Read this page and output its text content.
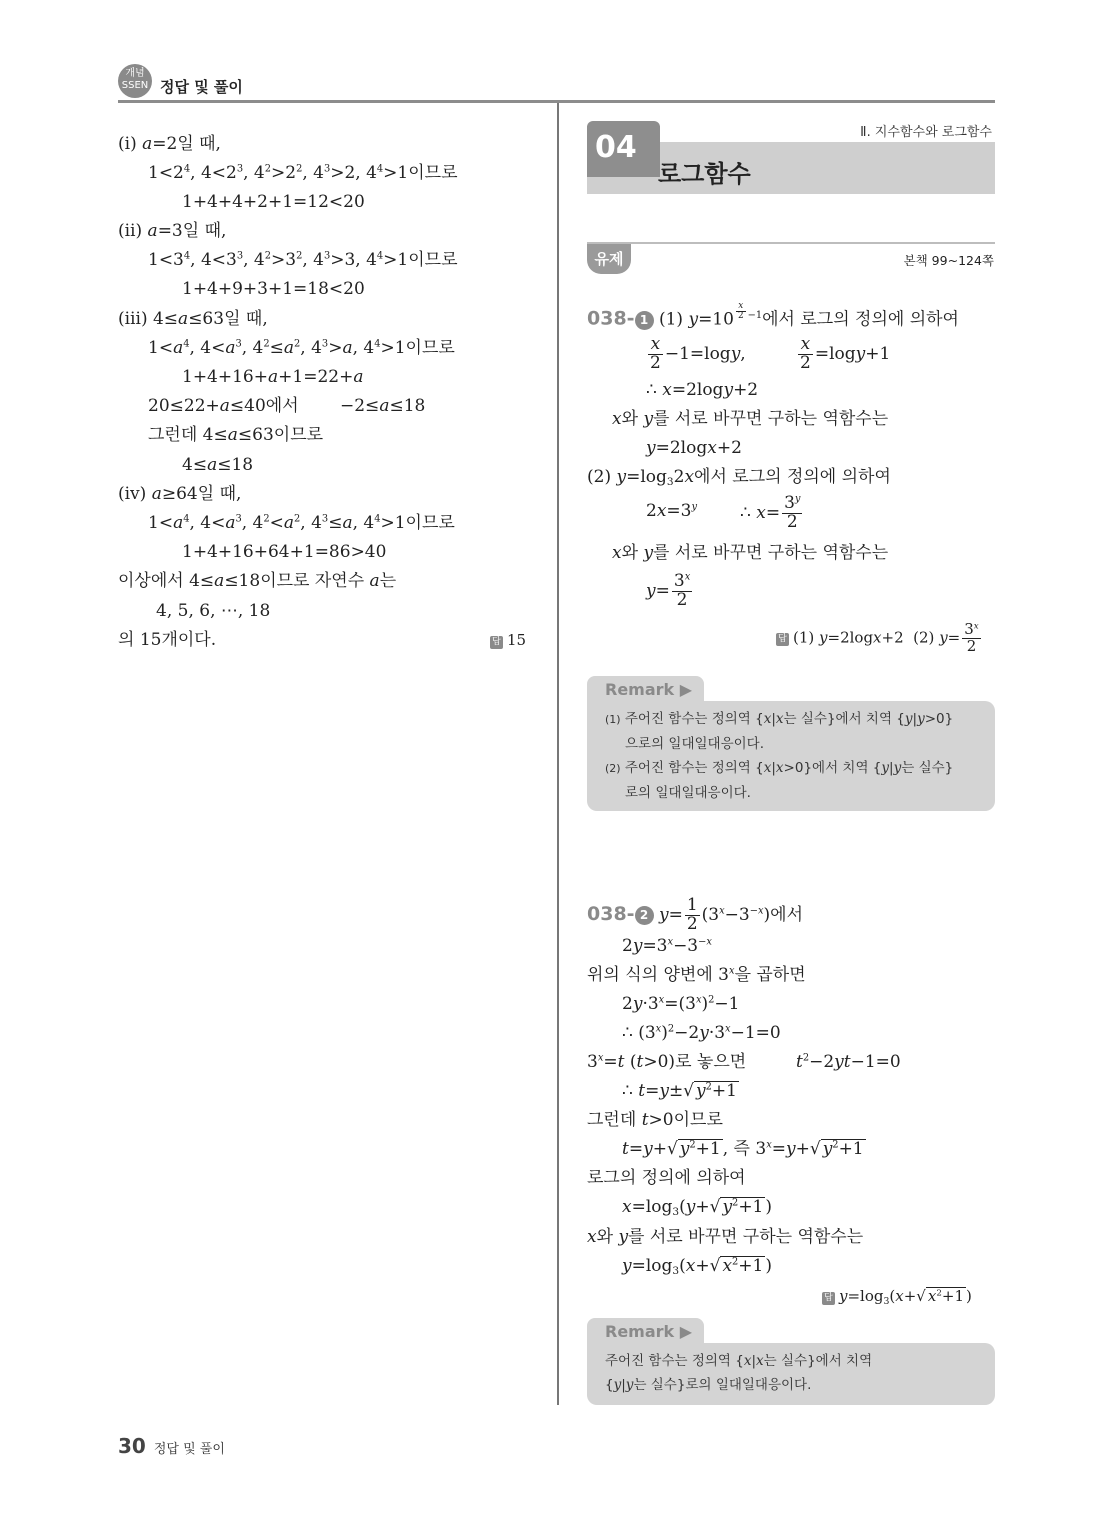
개념
SSEN 정답 및 풀이
(ⅰ) a=2일 때,
$1<2^4$, $4<2^3$, $4^2>2^2$, $4^3>2$, $4^4>1$이므로
1+4+4+2+1=12<20
(ⅱ) a=3일 때,
$1<3^4$, $4<3^3$, $4^2>3^2$, $4^3>3$, $4^4>1$이므로
1+4+9+3+1=18<20
(ⅲ) 4≤a≤63일 때,
$1<a^4$, $4<a^3$, $4^2\le a^2$, $4^3>a$, $4^4>1$이므로
1+4+16+a+1=22+a
20≤22+a≤40에서 −2≤a≤18
그런데 4≤a≤63이므로
4≤a≤18
(ⅳ) a≥64일 때,
$1<a^4$, $4<a^3$, $4^2<a^2$, $4^3\le a$, $4^4>1$이므로
1+4+16+64+1=86>40
이상에서 4≤a≤18이므로 자연수 a는
4, 5, 6, ⋯, 18
의 15개이다.	답 15
Ⅱ. 지수함수와 로그함수
04
로그함수
유제	본책 99~124쪽
038- 1 (1) y=10 $^{\frac{x}{2} -1}$에서 로그의 정의에 의하여
$\frac{x}{2} -1=\log y$,	$\frac{x}{2} =\log y+1$
∴ x=2logy+2
x와 y를 서로 바꾸면 구하는 역함수는
y=2logx+2
(2) $y=\log_32x$에서 로그의 정의에 의하여
$2x=3^y$	∴ $x= \frac{3^y}{2}$
x와 y를 서로 바꾸면 구하는 역함수는
$y= \frac{3^x}{2}$
답 (1) y=2logx+2  (2) $y= \frac{3^x}{2}$
Remark ▶
(1) 주어진 함수는 정의역 {x|x는 실수}에서 치역 {y|y>0}
으로의 일대일대응이다.
(2) 주어진 함수는 정의역 {x|x>0}에서 치역 {y|y는 실수}
로의 일대일대응이다.
038- 2 $y= \frac{1}{2} (3^x-3^{-x})$에서
$2y=3^x-3^{-x}$
위의 식의 양변에 3$^x$을 곱하면
$2y\cdot 3^x=(3^x)^2-1$
∴ $(3^x)^2-2y\cdot 3^x-1=0$
$3^x=t$ (t>0)로 놓으면	$t^2-2yt-1=0$
∴ t=y±√ $y^2+1$
그런데 t>0이므로
t=y+√ $y^2+1$ , 즉 $3^x=y+√$ $y^2+1$
로그의 정의에 의하여
$x=\log_3(y+√$ $y^2+1$ )
x와 y를 서로 바꾸면 구하는 역함수는
$y=\log_3(x+√$ $x^2+1$ )
답 $y=\log_3(x+√$ $x^2+1$ )
Remark ▶
주어진 함수는 정의역 {x|x는 실수}에서 치역
{y|y는 실수}로의 일대일대응이다.
30 정답 및 풀이
